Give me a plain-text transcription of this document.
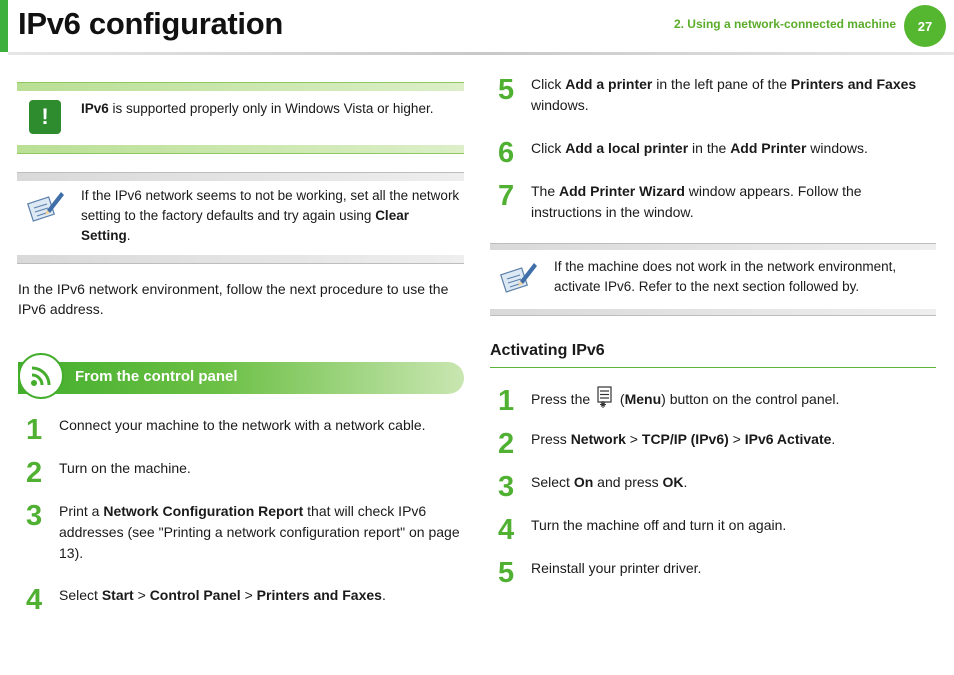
IPv6 configuration	2. Using a network-connected machine	27
!	IPv6 is supported properly only in Windows Vista or higher.
If the IPv6 network seems to not be working, set all the network setting to the factory defaults and try again using Clear Setting.
In the IPv6 network environment, follow the next procedure to use the IPv6 address.
From the control panel
1 Connect your machine to the network with a network cable.
2 Turn on the machine.
3 Print a Network Configuration Report that will check IPv6 addresses (see "Printing a network configuration report" on page 13).
4 Select Start > Control Panel > Printers and Faxes.
5 Click Add a printer in the left pane of the Printers and Faxes windows.
6 Click Add a local printer in the Add Printer windows.
7 The Add Printer Wizard window appears. Follow the instructions in the window.
If the machine does not work in the network environment, activate IPv6. Refer to the next section followed by.
Activating IPv6
1 Press the  (Menu) button on the control panel.
2 Press Network > TCP/IP (IPv6) > IPv6 Activate.
3 Select On and press OK.
4 Turn the machine off and turn it on again.
5 Reinstall your printer driver.
